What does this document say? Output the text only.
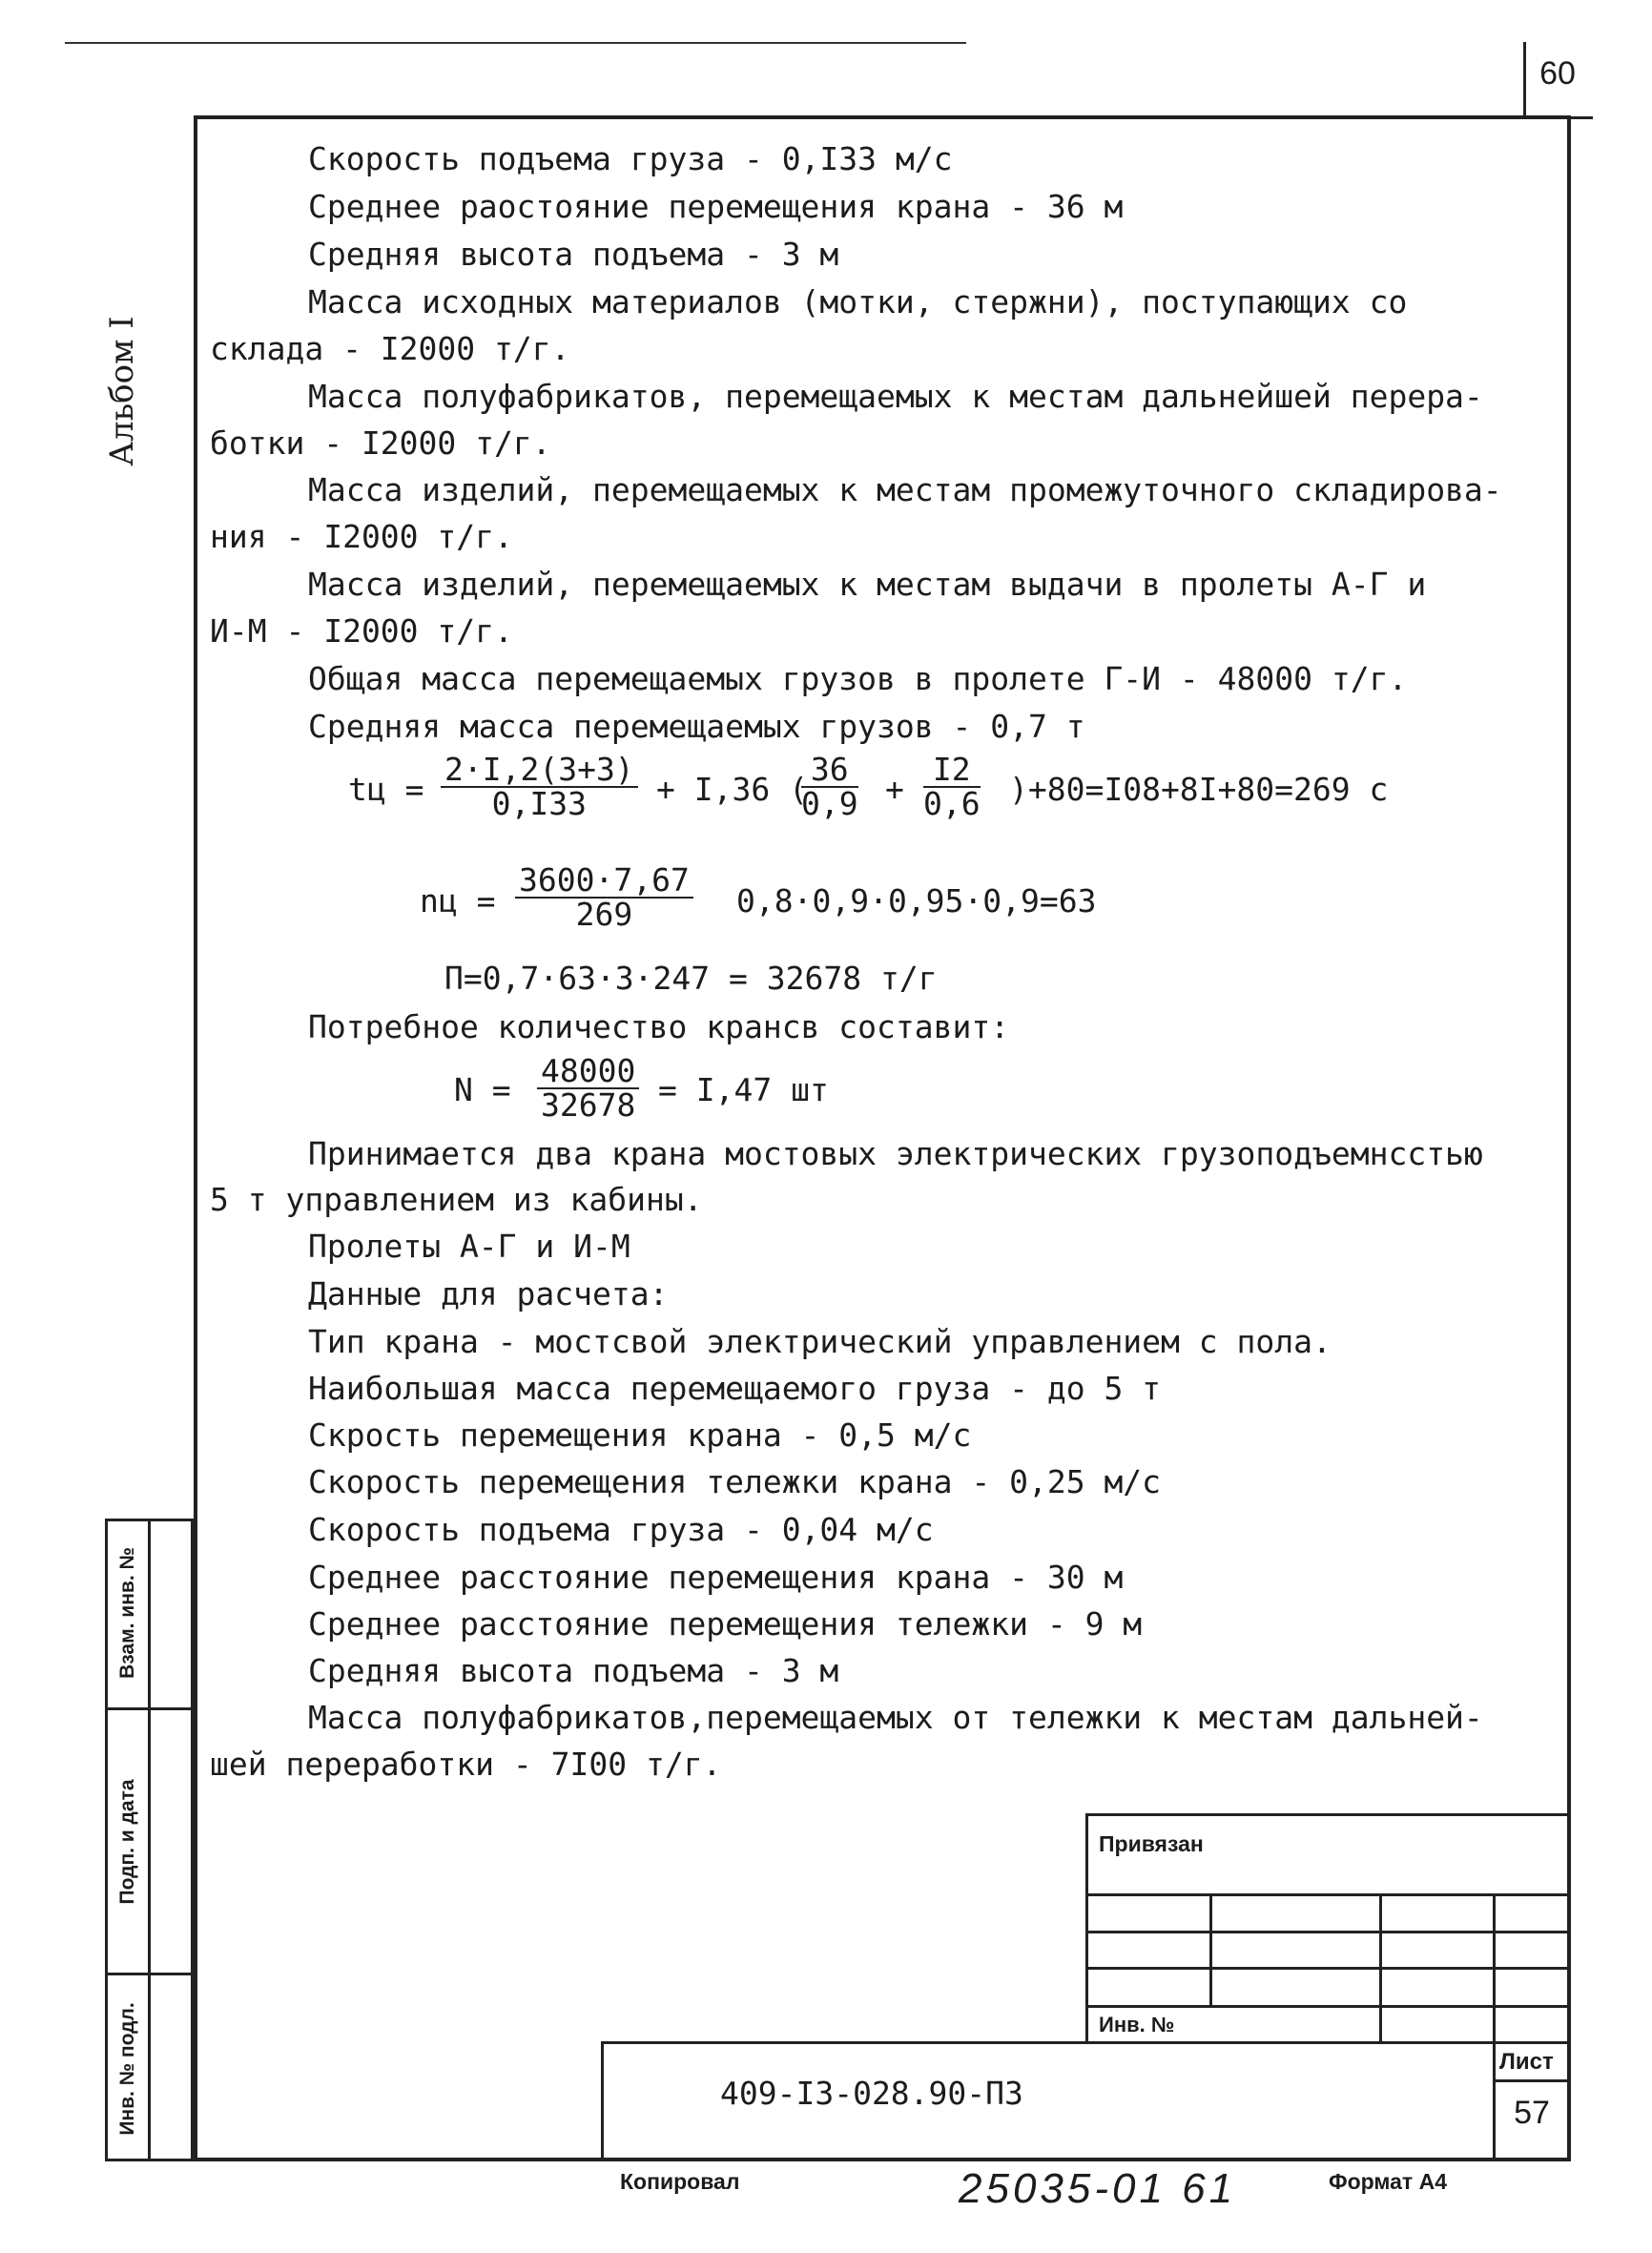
60
Альбом I
Взам. инв. №
Подп. и дата
Инв. № подл.
Скорость подъема груза - 0,I33 м/с
Среднее раостояние перемещения крана - 36 м
Средняя высота подъема - 3 м
Масса исходных материалов (мотки, стержни), поступающих со
склада - I2000 т/г.
Масса полуфабрикатов, перемещаемых к местам дальнейшей перера-
ботки - I2000 т/г.
Масса изделий, перемещаемых к местам промежуточного складирова-
ния - I2000 т/г.
Масса изделий, перемещаемых к местам выдачи в пролеты А-Г и
И-М - I2000 т/г.
Общая масса перемещаемых грузов в пролете Г-И - 48000 т/г.
Средняя масса перемещаемых грузов - 0,7 т
tц = $\frac{2\cdot I,2(3+3)}{0,I33} + I,36$ (
$\frac{36}{0,9} + \frac{I2}{0,6} )+80=I08+8I+80=269$ с
nц = $\frac{3600\cdot 7,67}{269} 0,8\cdot 0,9\cdot 0,95\cdot 0,9=63$
П=0,7·63·3·247 = 32678 т/г
Потребное количество крансв составит:
$N = \frac{48000}{32678} = I,47$ шт
Принимается два крана мостовых электрических грузоподъемнсстью
5 т управлением из кабины.
Пролеты А-Г и И-М
Данные для расчета:
Тип крана - мостсвой электрический управлением с пола.
Наибольшая масса перемещаемого груза - до 5 т
Скрость перемещения крана - 0,5 м/с
Скорость перемещения тележки крана - 0,25 м/с
Скорость подъема груза - 0,04 м/с
Среднее расстояние перемещения крана - 30 м
Среднее расстояние перемещения тележки - 9 м
Средняя высота подъема - 3 м
Масса полуфабрикатов,перемещаемых от тележки к местам дальней-
шей переработки - 7I00 т/г.
Привязан
Инв. №
409-I3-028.90-ПЗ
Лист
57
Копировал	25035-01 61	Формат А4
